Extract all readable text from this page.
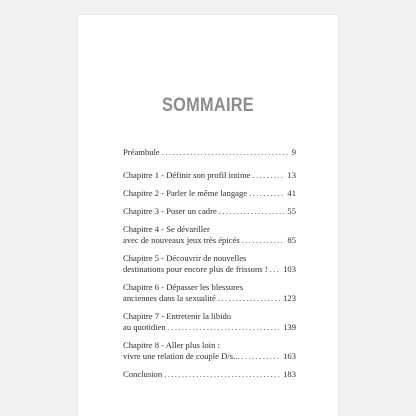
SOMMAIRE
Préambule .....	9
Chapitre 1 - Définir son profil intime .....	13
Chapitre 2 - Parler le même langage .....	41
Chapitre 3 - Poser un cadre .....	55
Chapitre 4 - Se dévariller
avec de nouveaux jeux très épicés .....	85
Chapitre 5 - Découvrir de nouvelles
destinations pour encore plus de frissons ! ..... 103
Chapitre 6 - Dépasser les blessures
anciennes dans la sexualité .....	123
Chapitre 7 - Entretenir la libido
au quotidien .....	139
Chapitre 8 - Aller plus loin :
vivre une relation de couple D/s... .....	163
Conclusion .....	183
